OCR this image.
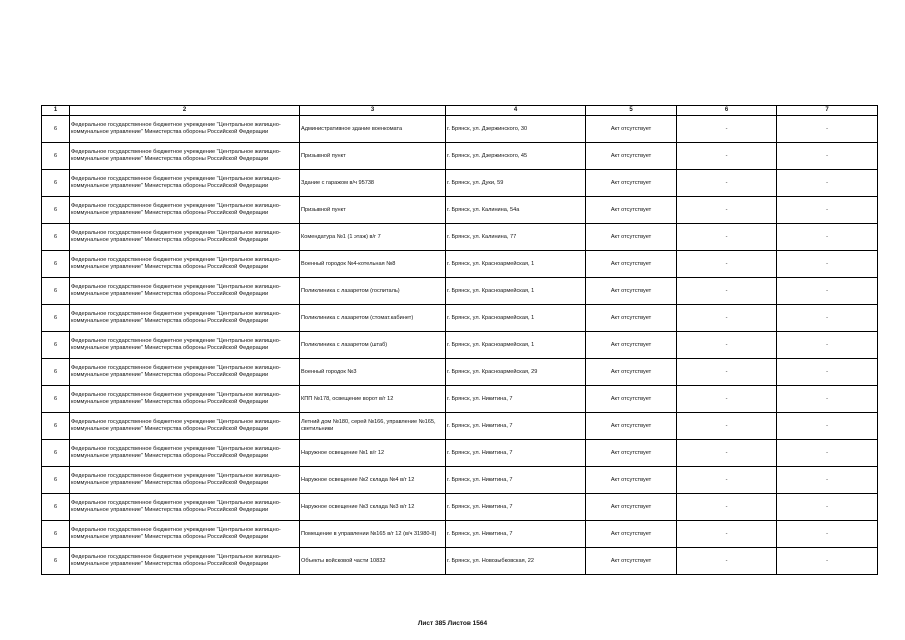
1	2	3	4	5	6	7
6	Федеральное государственное бюджетное учреждение "Центральное жилищно-коммунальное управление" Министерства обороны Российской Федерации	Административное здание военкомата	г. Брянск, ул. Дзержинского, 30	Акт отсутствует	-	-
6	Федеральное государственное бюджетное учреждение "Центральное жилищно-коммунальное управление" Министерства обороны Российской Федерации	Призывной пункт	г. Брянск, ул. Дзержинского, 45	Акт отсутствует	-	-
6	Федеральное государственное бюджетное учреждение "Центральное жилищно-коммунальное управление" Министерства обороны Российской Федерации	Здание с гаражом в/ч 95738	г. Брянск, ул. Дуки, 59	Акт отсутствует	-	-
6	Федеральное государственное бюджетное учреждение "Центральное жилищно-коммунальное управление" Министерства обороны Российской Федерации	Призывной пункт	г. Брянск, ул. Калинина, 54а	Акт отсутствует	-	-
6	Федеральное государственное бюджетное учреждение "Центральное жилищно-коммунальное управление" Министерства обороны Российской Федерации	Комендатура №1 (1 этаж) в/г 7	г. Брянск, ул. Калинина, 77	Акт отсутствует	-	-
6	Федеральное государственное бюджетное учреждение "Центральное жилищно-коммунальное управление" Министерства обороны Российской Федерации	Военный городок №4-котельная №8	г. Брянск, ул. Красноармейская, 1	Акт отсутствует	-	-
6	Федеральное государственное бюджетное учреждение "Центральное жилищно-коммунальное управление" Министерства обороны Российской Федерации	Поликлиника с лазаретом (госпиталь)	г. Брянск, ул. Красноармейская, 1	Акт отсутствует	-	-
6	Федеральное государственное бюджетное учреждение "Центральное жилищно-коммунальное управление" Министерства обороны Российской Федерации	Поликлиника с лазаретом (стомат.кабинет)	г. Брянск, ул. Красноармейская, 1	Акт отсутствует	-	-
6	Федеральное государственное бюджетное учреждение "Центральное жилищно-коммунальное управление" Министерства обороны Российской Федерации	Поликлиника с лазаретом (штаб)	г. Брянск, ул. Красноармейская, 1	Акт отсутствует	-	-
6	Федеральное государственное бюджетное учреждение "Центральное жилищно-коммунальное управление" Министерства обороны Российской Федерации	Военный городок №3	г. Брянск, ул. Красноармейская, 29	Акт отсутствует	-	-
6	Федеральное государственное бюджетное учреждение "Центральное жилищно-коммунальное управление" Министерства обороны Российской Федерации	КПП №178, освещение ворот в/г 12	г. Брянск, ул. Никитина, 7	Акт отсутствует	-	-
6	Федеральное государственное бюджетное учреждение "Центральное жилищно-коммунальное управление" Министерства обороны Российской Федерации	Летний дом №180, серей №166, управление №165, светильники	г. Брянск, ул. Никитина, 7	Акт отсутствует	-	-
6	Федеральное государственное бюджетное учреждение "Центральное жилищно-коммунальное управление" Министерства обороны Российской Федерации	Наружное освещение №1 в/г 12	г. Брянск, ул. Никитина, 7	Акт отсутствует	-	-
6	Федеральное государственное бюджетное учреждение "Центральное жилищно-коммунальное управление" Министерства обороны Российской Федерации	Наружное освещение №2 склада №4 в/г 12	г. Брянск, ул. Никитина, 7	Акт отсутствует	-	-
6	Федеральное государственное бюджетное учреждение "Центральное жилищно-коммунальное управление" Министерства обороны Российской Федерации	Наружное освещение №3 склада №3 в/г 12	г. Брянск, ул. Никитина, 7	Акт отсутствует	-	-
6	Федеральное государственное бюджетное учреждение "Центральное жилищно-коммунальное управление" Министерства обороны Российской Федерации	Помещение в управлении №165 в/г 12 (в/ч 31980-II)	г. Брянск, ул. Никитина, 7	Акт отсутствует	-	-
6	Федеральное государственное бюджетное учреждение "Центральное жилищно-коммунальное управление" Министерства обороны Российской Федерации	Объекты войсковой части 10832	г. Брянск, ул. Новозыбковская, 22	Акт отсутствует	-	-
Лист 385 Листов 1564
